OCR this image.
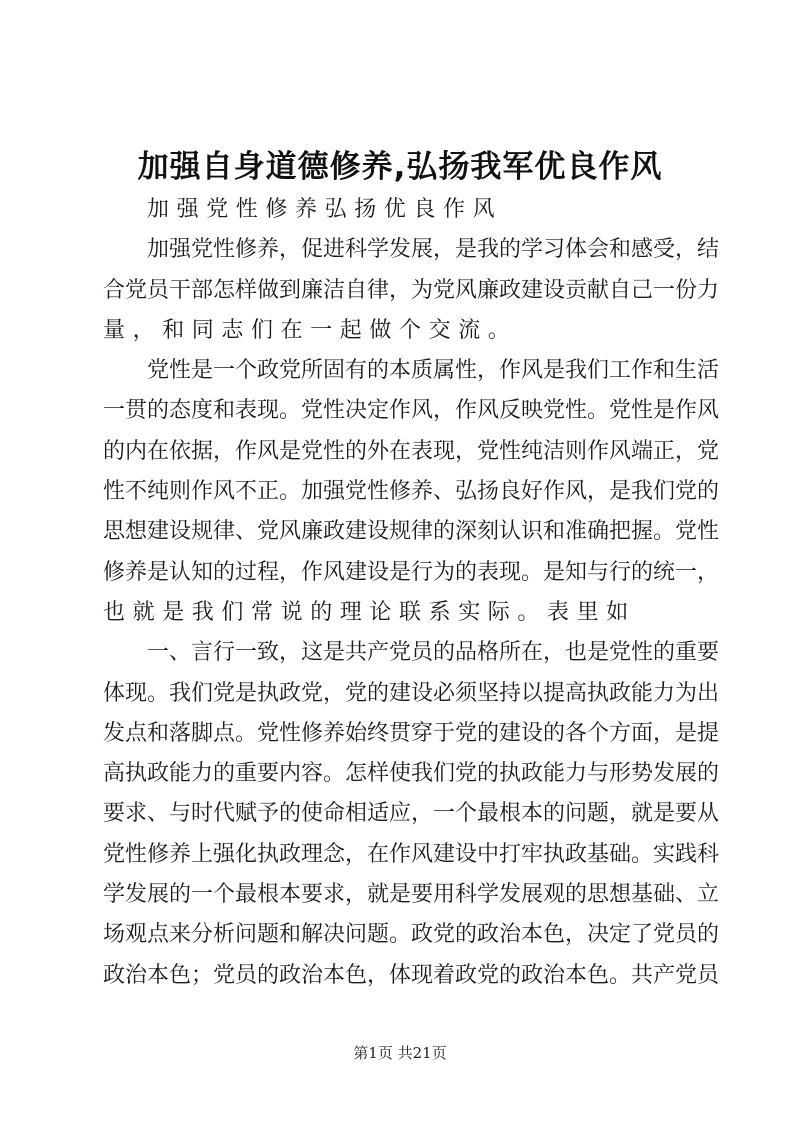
加强自身道德修养,弘扬我军优良作风
加强党性修养弘扬优良作风
加强党性修养，促进科学发展，是我的学习体会和感受，结
合党员干部怎样做到廉洁自律，为党风廉政建设贡献自己一份力
量，和同志们在一起做个交流。
党性是一个政党所固有的本质属性，作风是我们工作和生活
一贯的态度和表现。党性决定作风，作风反映党性。党性是作风
的内在依据，作风是党性的外在表现，党性纯洁则作风端正，党
性不纯则作风不正。加强党性修养、弘扬良好作风，是我们党的
思想建设规律、党风廉政建设规律的深刻认识和准确把握。党性
修养是认知的过程，作风建设是行为的表现。是知与行的统一，
也就是我们常说的理论联系实际。表里如
一、言行一致，这是共产党员的品格所在，也是党性的重要
体现。我们党是执政党，党的建设必须坚持以提高执政能力为出
发点和落脚点。党性修养始终贯穿于党的建设的各个方面，是提
高执政能力的重要内容。怎样使我们党的执政能力与形势发展的
要求、与时代赋予的使命相适应，一个最根本的问题，就是要从
党性修养上强化执政理念，在作风建设中打牢执政基础。实践科
学发展的一个最根本要求，就是要用科学发展观的思想基础、立
场观点来分析问题和解决问题。政党的政治本色，决定了党员的
政治本色；党员的政治本色，体现着政党的政治本色。共产党员
第1页 共21页
